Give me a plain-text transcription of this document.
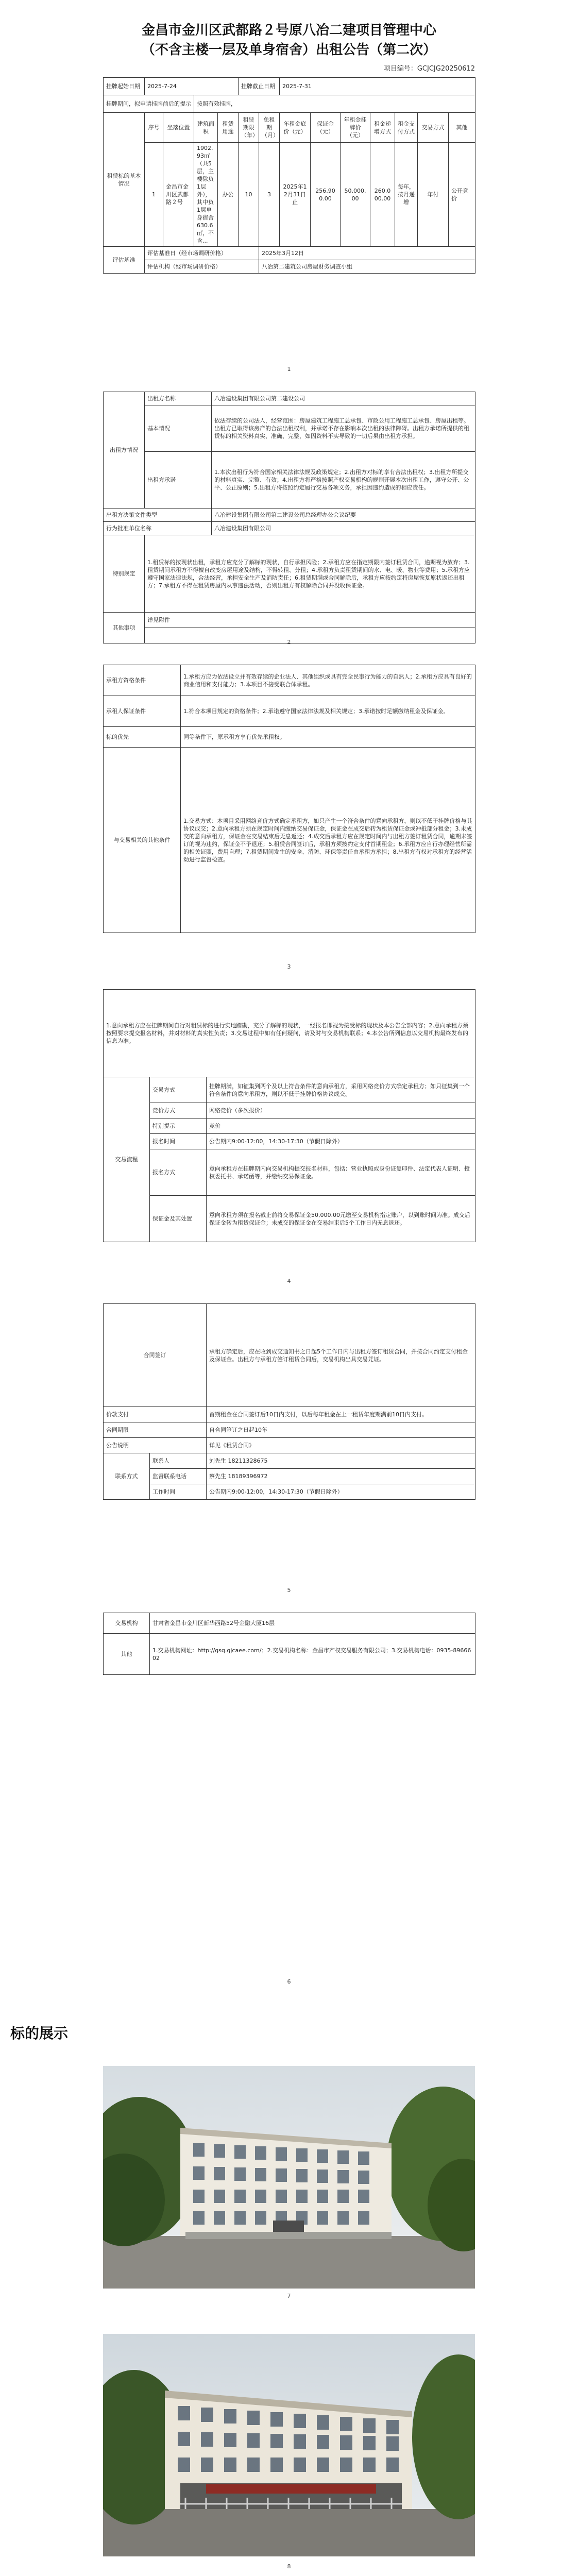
金昌市金川区武都路２号原八冶二建项目管理中心
（不含主楼一层及单身宿舍）出租公告（第二次）
项目编号：GCJCJG20250612
挂牌起始日期	2025-7-24				挂牌截止日期		2025-7-31						
挂牌期间，拟申请挂牌前后的提示			按照有效挂牌，										
租赁标的基本情况	序号	坐落位置	建筑面积	租赁用途	租赁期限（年）	免租期（月）	年租金底价（元）	保证金（元）	年租金挂牌价（元）	租金递增方式	租金支付方式	交易方式	其他
	1	金昌市金川区武都路２号	1902.93㎡（共5层，主楼除负1层外），其中负1层单身宿舍630.6㎡，不含...	办公	10	3	2025年12月31日止	256,900.00	50,000.00	260,000.00	每年，按月递增	年付	公开竞价
评估基准	评估基准日（经市场调研价格）					2025年3月12日							
	评估机构（经市场调研价格）					八冶第二建筑公司房屋财务调查小组							
1
出租方情况	出租方名称	八冶建设集团有限公司第二建设公司
	基本情况	依法存续的公司法人，经营范围：房屋建筑工程施工总承包、市政公用工程施工总承包、房屋出租等。出租方已取得该房产的合法出租权利，并承诺不存在影响本次出租的法律障碍。出租方承诺所提供的租赁标的相关资料真实、准确、完整，如因资料不实导致的一切后果由出租方承担。
	出租方承诺	1.本次出租行为符合国家相关法律法规及政策规定；2.出租方对标的享有合法出租权；3.出租方所提交的材料真实、完整、有效；4.出租方将严格按照产权交易机构的规则开展本次出租工作，遵守公开、公平、公正原则；5.出租方将按照约定履行交易各项义务，承担因违约造成的相应责任。
出租方决策文件类型		八冶建设集团有限公司第二建设公司总经理办公会议纪要
行为批准单位名称		八冶建设集团有限公司
特别规定	1.租赁标的按现状出租，承租方应充分了解标的现状，自行承担风险；2.承租方应在指定期限内签订租赁合同，逾期视为放弃；3.租赁期间承租方不得擅自改变房屋用途及结构，不得转租、分租；4.承租方负责租赁期间的水、电、暖、物业等费用；5.承租方应遵守国家法律法规，合法经营，承担安全生产及消防责任；6.租赁期满或合同解除后，承租方应按约定将房屋恢复原状返还出租方；7.承租方不得在租赁房屋内从事违法活动，否则出租方有权解除合同并没收保证金。	
其他事项	详见附件	

2
承租方资格条件	1.承租方应为依法设立并有效存续的企业法人、其他组织或具有完全民事行为能力的自然人；2.承租方应具有良好的商业信用和支付能力；3.本项目不接受联合体承租。
承租人保证条件	1.符合本项目规定的资格条件；2.承诺遵守国家法律法规及相关规定；3.承诺按时足额缴纳租金及保证金。
标的优先	同等条件下，原承租方享有优先承租权。
与交易相关的其他条件	1.交易方式：本项目采用网络竞价方式确定承租方，如只产生一个符合条件的意向承租方，则以不低于挂牌价格与其协议成交；2.意向承租方须在规定时间内缴纳交易保证金，保证金在成交后转为租赁保证金或冲抵部分租金；3.未成交的意向承租方，保证金在交易结束后无息返还；4.成交后承租方应在规定时间内与出租方签订租赁合同，逾期未签订的视为违约，保证金不予退还；5.租赁合同签订后，承租方须按约定支付首期租金；6.承租方应自行办理经营所需的相关证照，费用自理；7.租赁期间发生的安全、消防、环保等责任由承租方承担；8.出租方有权对承租方的经营活动进行监督检查。
3
1.意向承租方应在挂牌期间自行对租赁标的进行实地踏勘，充分了解标的现状，一经报名即视为接受标的现状及本公告全部内容；2.意向承租方须按照要求提交报名材料，并对材料的真实性负责；3.交易过程中如有任何疑问，请及时与交易机构联系；4.本公告所列信息以交易机构最终发布的信息为准。		
交易流程	交易方式	挂牌期满，如征集到两个及以上符合条件的意向承租方，采用网络竞价方式确定承租方；如只征集到一个符合条件的意向承租方，则以不低于挂牌价格协议成交。
	竞价方式	网络竞价（多次报价）
	特别提示	竞价
	报名时间	公告期内9:00-12:00，14:30-17:30（节假日除外）
	报名方式	意向承租方在挂牌期内向交易机构提交报名材料，包括：营业执照或身份证复印件、法定代表人证明、授权委托书、承诺函等，并缴纳交易保证金。
	保证金及其处置	意向承租方须在报名截止前将交易保证金50,000.00元缴至交易机构指定账户，以到账时间为准。成交后保证金转为租赁保证金；未成交的保证金在交易结束后5个工作日内无息退还。
4
合同签订		承租方确定后，应在收到成交通知书之日起5个工作日内与出租方签订租赁合同，并按合同约定支付租金及保证金。出租方与承租方签订租赁合同后，交易机构出具交易凭证。
价款支付		首期租金在合同签订后10日内支付，以后每年租金在上一租赁年度期满前10日内支付。
合同期限		自合同签订之日起10年
公告说明		详见《租赁合同》
联系方式	联系人	刘先生 18211328675
	监督联系电话	蔡先生 18189396972
	工作时间	公告期内9:00-12:00，14:30-17:30（节假日除外）
5
交易机构	甘肃省金昌市金川区新华西路52号金融大厦16层
其他	1.交易机构网址：http://gsq.gjcaee.com/；2.交易机构名称：金昌市产权交易服务有限公司；3.交易机构电话：0935-8966602
6
标的展示
7
8
